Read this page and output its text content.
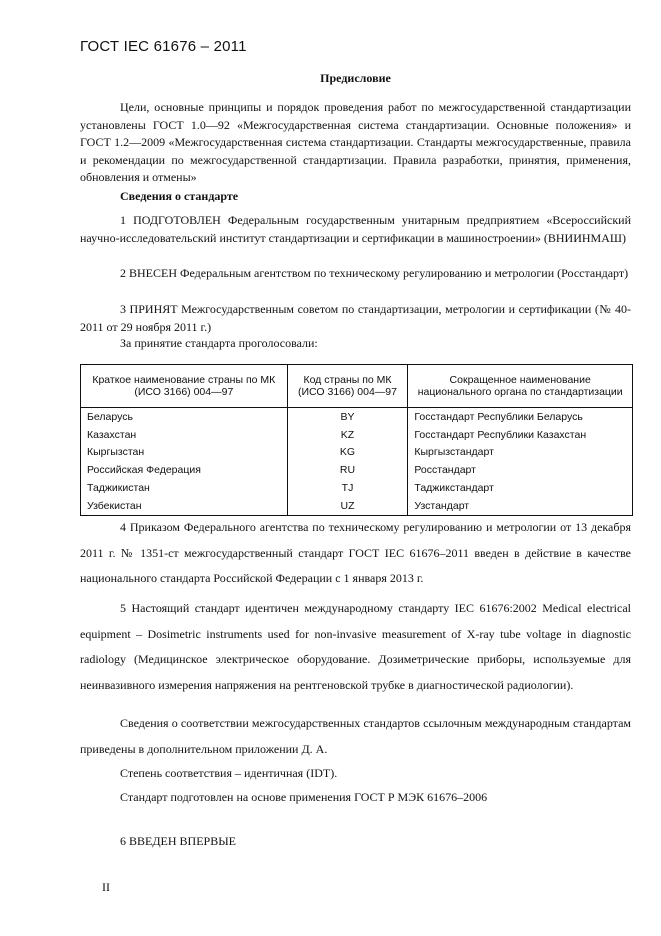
ГОСТ IEC 61676 – 2011
Предисловие

Цели, основные принципы и порядок проведения работ по межгосударственной стандартизации установлены ГОСТ 1.0—92 «Межгосударственная система стандартизации. Основные положения» и ГОСТ 1.2—2009 «Межгосударственная система стандартизации. Стандарты межгосударственные, правила и рекомендации по межгосударственной стандартизации. Правила разработки, принятия, применения, обновления и отмены»

Сведения о стандарте

1 ПОДГОТОВЛЕН Федеральным государственным унитарным предприятием «Всероссийский научно-исследовательский институт стандартизации и сертификации в машиностроении» (ВНИИНМАШ)

2 ВНЕСЕН Федеральным агентством по техническому регулированию и метрологии (Росстандарт)

3 ПРИНЯТ Межгосударственным советом по стандартизации, метрологии и сертификации (№ 40-2011 от 29 ноября 2011 г.)

За принятие стандарта проголосовали:
Краткое наименование страны по МК (ИСО 3166) 004—97	Код страны по МК (ИСО 3166) 004—97	Сокращенное наименование национального органа по стандартизации
Беларусь	BY	Госстандарт Республики Беларусь
Казахстан	KZ	Госстандарт Республики Казахстан
Кыргызстан	KG	Кыргызстандарт
Российская Федерация	RU	Росстандарт
Таджикистан	TJ	Таджикстандарт
Узбекистан	UZ	Узстандарт

4 Приказом Федерального агентства по техническому регулированию и метрологии от 13 декабря 2011 г. № 1351-ст межгосударственный стандарт ГОСТ IEC 61676–2011 введен в действие в качестве национального стандарта Российской Федерации с 1 января 2013 г.

5 Настоящий стандарт идентичен международному стандарту IEC 61676:2002 Medical electrical equipment – Dosimetric instruments used for non-invasive measurement of X-ray tube voltage in diagnostic radiology (Медицинское электрическое оборудование. Дозиметрические приборы, используемые для неинвазивного измерения напряжения на рентгеновской трубке в диагностической радиологии).

Сведения о соответствии межгосударственных стандартов ссылочным международным стандартам приведены в дополнительном приложении Д. А.

Степень соответствия – идентичная (IDT).
Стандарт подготовлен на основе применения ГОСТ Р МЭК 61676–2006
6 ВВЕДЕН ВПЕРВЫЕ
II
